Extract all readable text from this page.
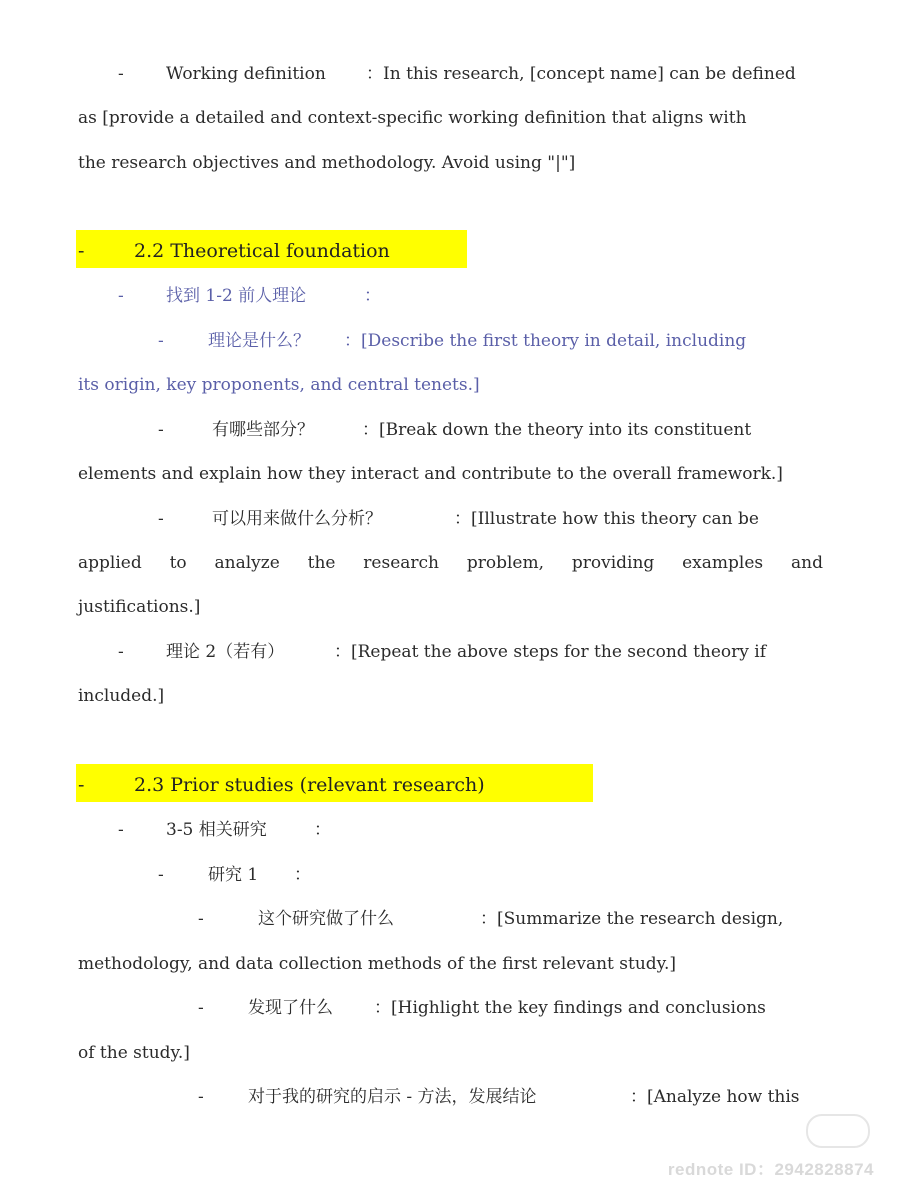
- Working definition ：In this research, [concept name] can be defined
as [provide a detailed and context-specific working definition that aligns with
the research objectives and methodology. Avoid using "|"]
-	2.2 Theoretical foundation
- 找到 1-2 前人理论	：
-	理论是什么？ ：[Describe the first theory in detail, including
its origin, key proponents, and central tenets.]
-	有哪些部分？	：[Break down the theory into its constituent
elements and explain how they interact and contribute to the overall framework.]
-	可以用来做什么分析？	：[Illustrate how this theory can be
applied to analyze the research problem, providing examples and
justifications.]
- 理论 2（若有）	：[Repeat the above steps for the second theory if
included.]
-	2.3 Prior studies (relevant research)
- 3-5 相关研究	：
-	研究 1 ：
-	这个研究做了什么	：[Summarize the research design,
methodology, and data collection methods of the first relevant study.]
-	发现了什么 ：[Highlight the key findings and conclusions
of the study.]
-	对于我的研究的启示 - 方法，发展结论	：[Analyze how this
rednote ID：2942828874
